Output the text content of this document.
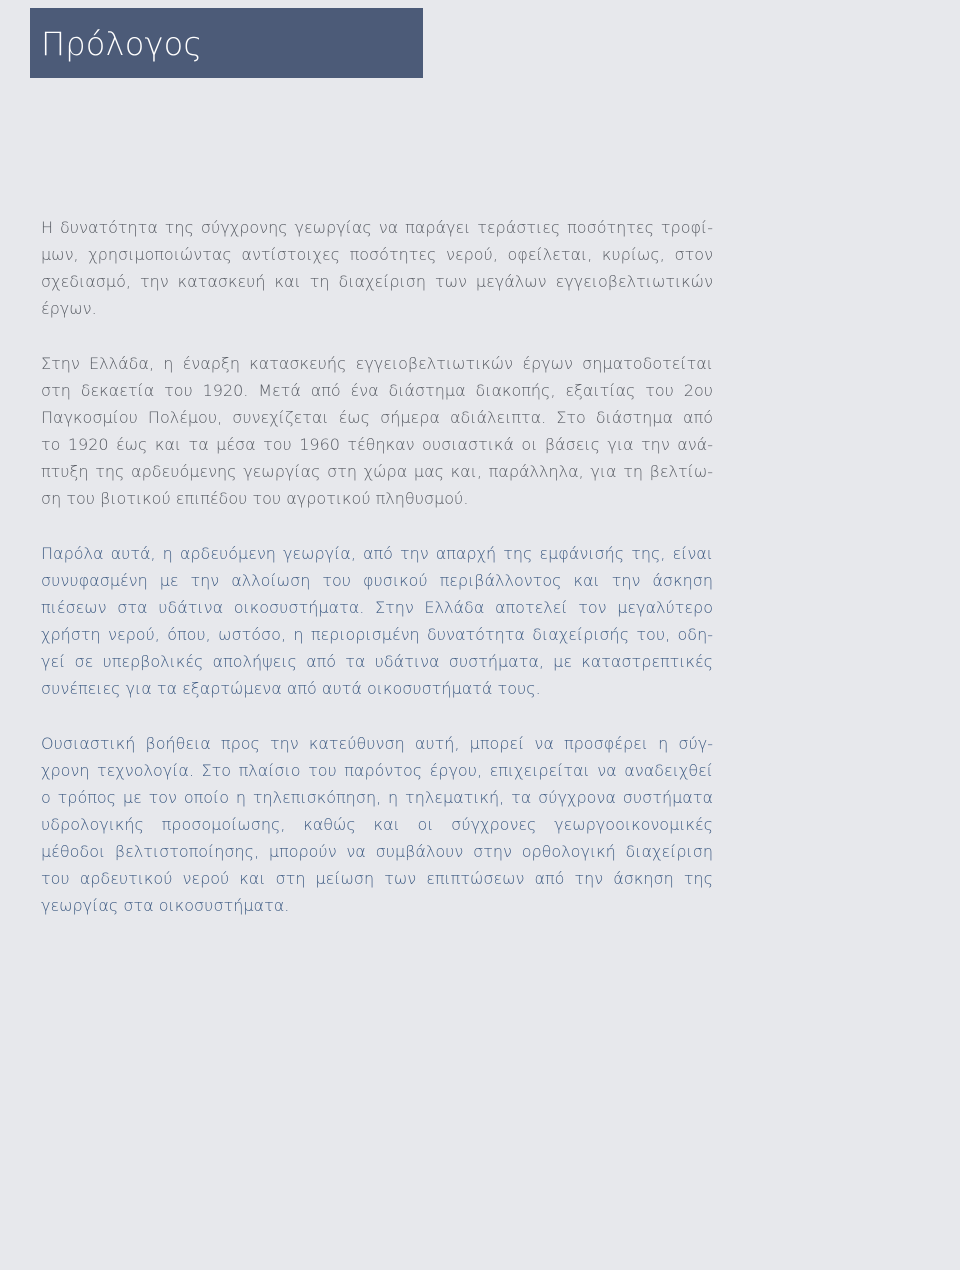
Πρόλογος

Η δυνατότητα της σύγχρονης γεωργίας να παράγει τεράστιες ποσότητες τροφί-
μων, χρησιμοποιώντας αντίστοιχες ποσότητες νερού, οφείλεται, κυρίως, στον
σχεδιασμό, την κατασκευή και τη διαχείριση των μεγάλων εγγειοβελτιωτικών
έργων.

Στην Ελλάδα, η έναρξη κατασκευής εγγειοβελτιωτικών έργων σηματοδοτείται
στη δεκαετία του 1920. Μετά από ένα διάστημα διακοπής, εξαιτίας του 2ου
Παγκοσμίου Πολέμου, συνεχίζεται έως σήμερα αδιάλειπτα. Στο διάστημα από
το 1920 έως και τα μέσα του 1960 τέθηκαν ουσιαστικά οι βάσεις για την ανά-
πτυξη της αρδευόμενης γεωργίας στη χώρα μας και, παράλληλα, για τη βελτίω-
ση του βιοτικού επιπέδου του αγροτικού πληθυσμού.

Παρόλα αυτά, η αρδευόμενη γεωργία, από την απαρχή της εμφάνισής της, είναι
συνυφασμένη με την αλλοίωση του φυσικού περιβάλλοντος και την άσκηση
πιέσεων στα υδάτινα οικοσυστήματα. Στην Ελλάδα αποτελεί τον μεγαλύτερο
χρήστη νερού, όπου, ωστόσο, η περιορισμένη δυνατότητα διαχείρισής του, οδη-
γεί σε υπερβολικές απολήψεις από τα υδάτινα συστήματα, με καταστρεπτικές
συνέπειες για τα εξαρτώμενα από αυτά οικοσυστήματά τους.

Ουσιαστική βοήθεια προς την κατεύθυνση αυτή, μπορεί να προσφέρει η σύγ-
χρονη τεχνολογία. Στο πλαίσιο του παρόντος έργου, επιχειρείται να αναδειχθεί
ο τρόπος με τον οποίο η τηλεπισκόπηση, η τηλεματική, τα σύγχρονα συστήματα
υδρολογικής προσομοίωσης, καθώς και οι σύγχρονες γεωργοοικονομικές
μέθοδοι βελτιστοποίησης, μπορούν να συμβάλουν στην ορθολογική διαχείριση
του αρδευτικού νερού και στη μείωση των επιπτώσεων από την άσκηση της
γεωργίας στα οικοσυστήματα.
